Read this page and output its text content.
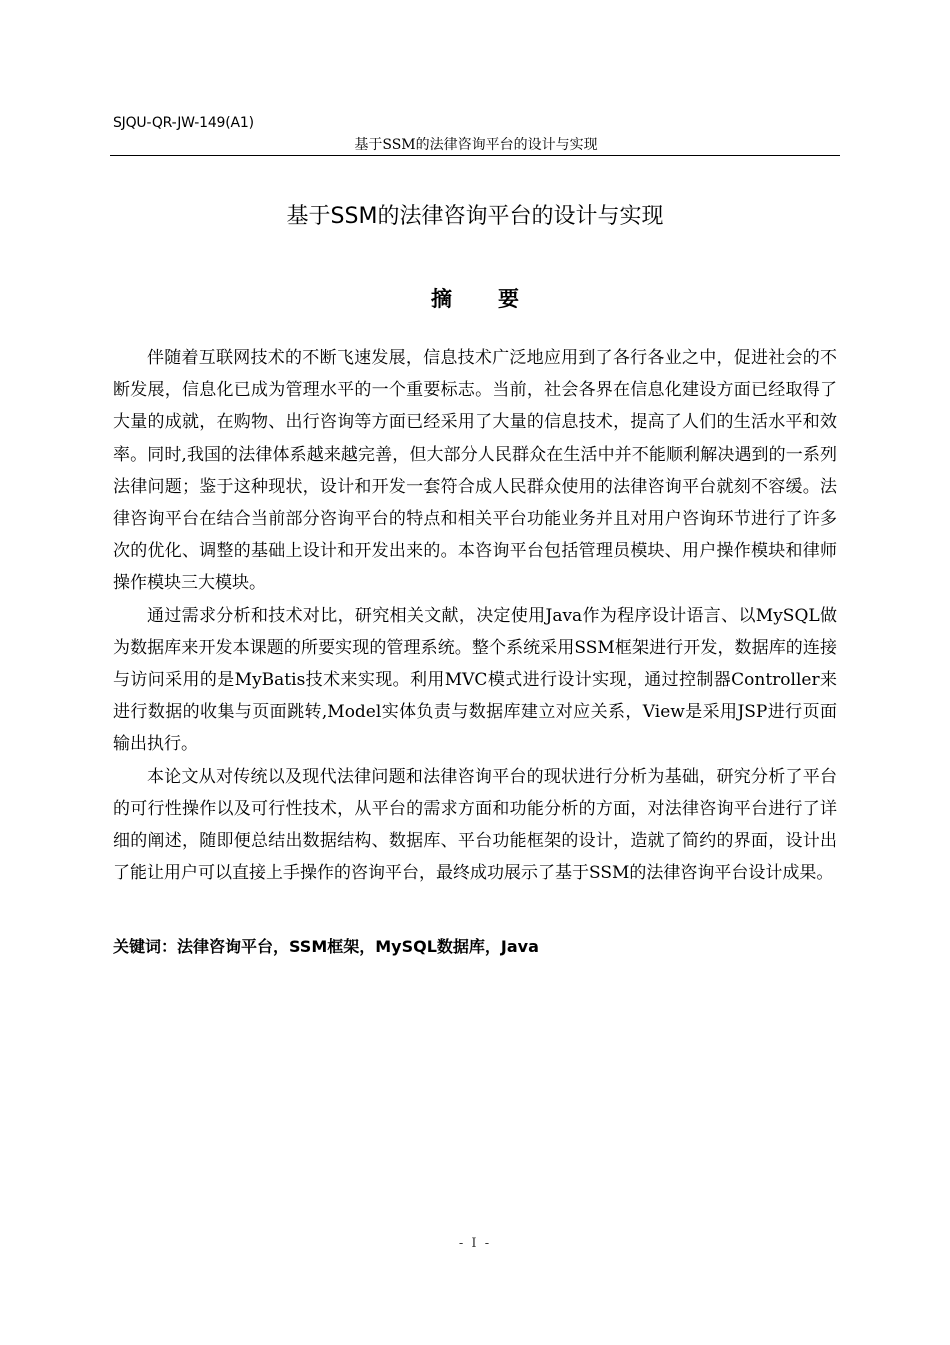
SJQU-QR-JW-149(A1)
基于SSM的法律咨询平台的设计与实现
基于SSM的法律咨询平台的设计与实现
摘要

伴随着互联网技术的不断飞速发展，信息技术广泛地应用到了各行各业之中，促进社会的不断发展，信息化已成为管理水平的一个重要标志。当前，社会各界在信息化建设方面已经取得了大量的成就，在购物、出行咨询等方面已经采用了大量的信息技术，提高了人们的生活水平和效率。同时,我国的法律体系越来越完善，但大部分人民群众在生活中并不能顺利解决遇到的一系列法律问题；鉴于这种现状，设计和开发一套符合成人民群众使用的法律咨询平台就刻不容缓。法律咨询平台在结合当前部分咨询平台的特点和相关平台功能业务并且对用户咨询环节进行了许多次的优化、调整的基础上设计和开发出来的。本咨询平台包括管理员模块、用户操作模块和律师操作模块三大模块。

通过需求分析和技术对比，研究相关文献，决定使用Java作为程序设计语言、以MySQL做为数据库来开发本课题的所要实现的管理系统。整个系统采用SSM框架进行开发，数据库的连接与访问采用的是MyBatis技术来实现。利用MVC模式进行设计实现，通过控制器Controller来进行数据的收集与页面跳转,Model实体负责与数据库建立对应关系，View是采用JSP进行页面输出执行。

本论文从对传统以及现代法律问题和法律咨询平台的现状进行分析为基础，研究分析了平台的可行性操作以及可行性技术，从平台的需求方面和功能分析的方面，对法律咨询平台进行了详细的阐述，随即便总结出数据结构、数据库、平台功能框架的设计，造就了简约的界面，设计出了能让用户可以直接上手操作的咨询平台，最终成功展示了基于SSM的法律咨询平台设计成果。

关键词：法律咨询平台，SSM框架，MySQL数据库，Java
- I -
